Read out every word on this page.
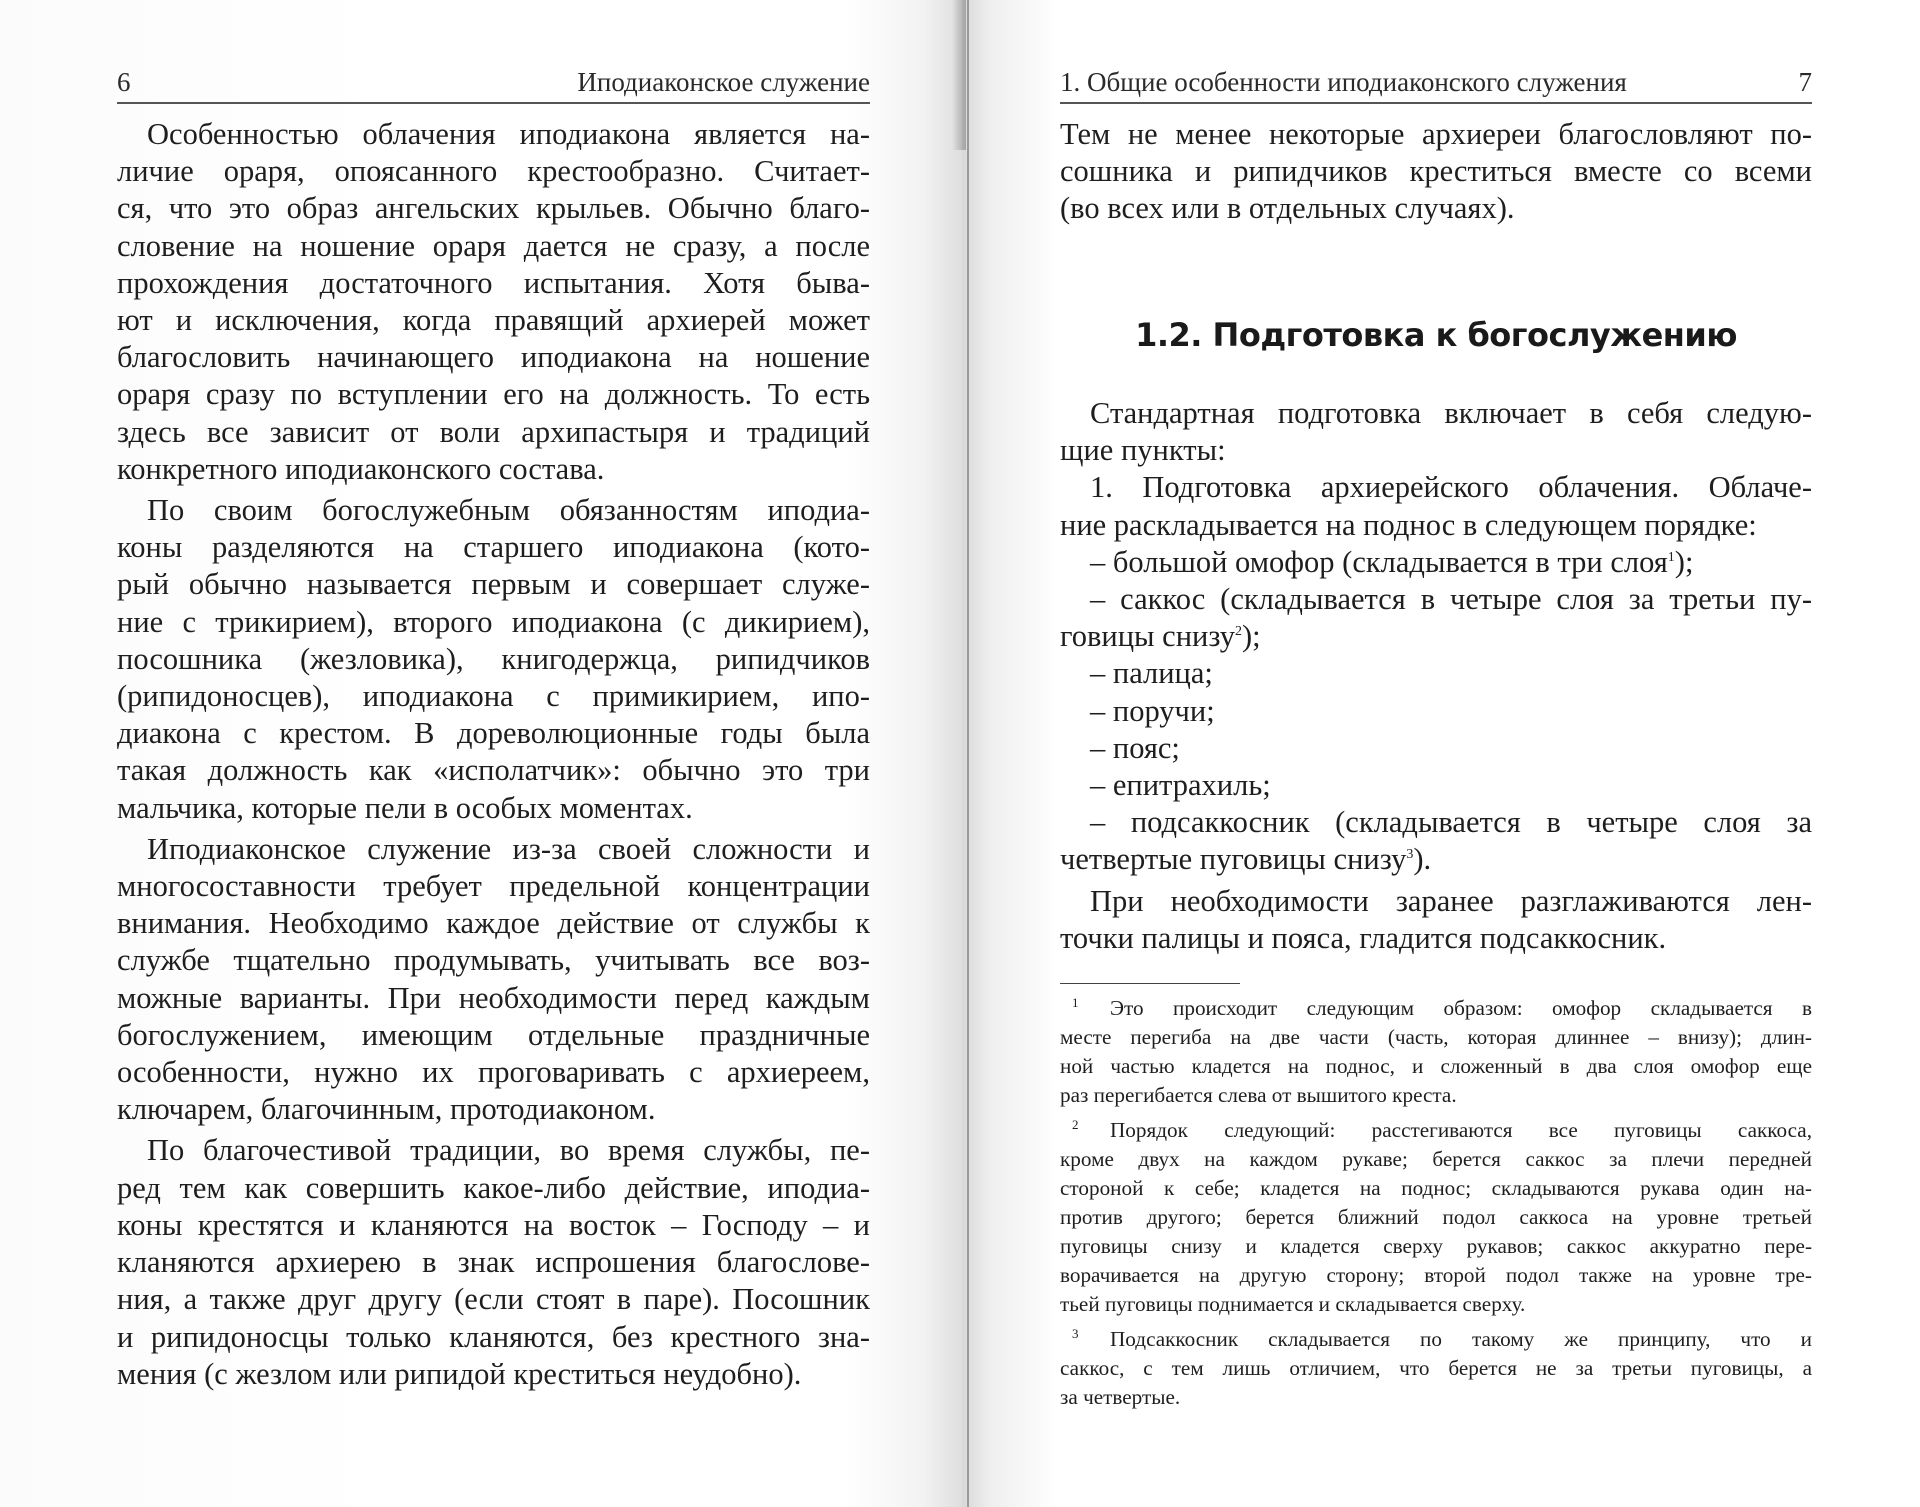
6	Иподиаконское служение
Особенностью облачения иподиакона является на-
личие ораря, опоясанного крестообразно. Считает-
ся, что это образ ангельских крыльев. Обычно благо-
словение на ношение ораря дается не сразу, а после
прохождения достаточного испытания. Хотя быва-
ют и исключения, когда правящий архиерей может
благословить начинающего иподиакона на ношение
ораря сразу по вступлении его на должность. То есть
здесь все зависит от воли архипастыря и традиций
конкретного иподиаконского состава.
По своим богослужебным обязанностям иподиа-
коны разделяются на старшего иподиакона (кото-
рый обычно называется первым и совершает служе-
ние с трикирием), второго иподиакона (с дикирием),
посошника (жезловика), книгодержца, рипидчиков
(рипидоносцев), иподиакона с примикирием, ипо-
диакона с крестом. В дореволюционные годы была
такая должность как «исполатчик»: обычно это три
мальчика, которые пели в особых моментах.
Иподиаконское служение из-за своей сложности и
многосоставности требует предельной концентрации
внимания. Необходимо каждое действие от службы к
службе тщательно продумывать, учитывать все воз-
можные варианты. При необходимости перед каждым
богослужением, имеющим отдельные праздничные
особенности, нужно их проговаривать с архиереем,
ключарем, благочинным, протодиаконом.
По благочестивой традиции, во время службы, пе-
ред тем как совершить какое-либо действие, иподиа-
коны крестятся и кланяются на восток – Господу – и
кланяются архиерею в знак испрошения благослове-
ния, а также друг другу (если стоят в паре). Посошник
и рипидоносцы только кланяются, без крестного зна-
мения (с жезлом или рипидой креститься неудобно).
1. Общие особенности иподиаконского служения	7
Тем не менее некоторые архиереи благословляют по-
сошника и рипидчиков креститься вместе со всеми
(во всех или в отдельных случаях).
1.2. Подготовка к богослужению
Стандартная подготовка включает в себя следую-
щие пункты:
1. Подготовка архиерейского облачения. Облаче-
ние раскладывается на поднос в следующем порядке:
– большой омофор (складывается в три слоя$^1$);
– саккос (складывается в четыре слоя за третьи пу-
говицы снизу$^2$);
– палица;
– поручи;
– пояс;
– епитрахиль;
– подсаккосник (складывается в четыре слоя за
четвертые пуговицы снизу$^3$).
При необходимости заранее разглаживаются лен-
точки палицы и пояса, гладится подсаккосник.
1 Это происходит следующим образом: омофор складывается в
месте перегиба на две части (часть, которая длиннее – внизу); длин-
ной частью кладется на поднос, и сложенный в два слоя омофор еще
раз перегибается слева от вышитого креста.
2 Порядок следующий: расстегиваются все пуговицы саккоса,
кроме двух на каждом рукаве; берется саккос за плечи передней
стороной к себе; кладется на поднос; складываются рукава один на-
против другого; берется ближний подол саккоса на уровне третьей
пуговицы снизу и кладется сверху рукавов; саккос аккуратно пере-
ворачивается на другую сторону; второй подол также на уровне тре-
тьей пуговицы поднимается и складывается сверху.
3 Подсаккосник складывается по такому же принципу, что и
саккос, с тем лишь отличием, что берется не за третьи пуговицы, а
за четвертые.
